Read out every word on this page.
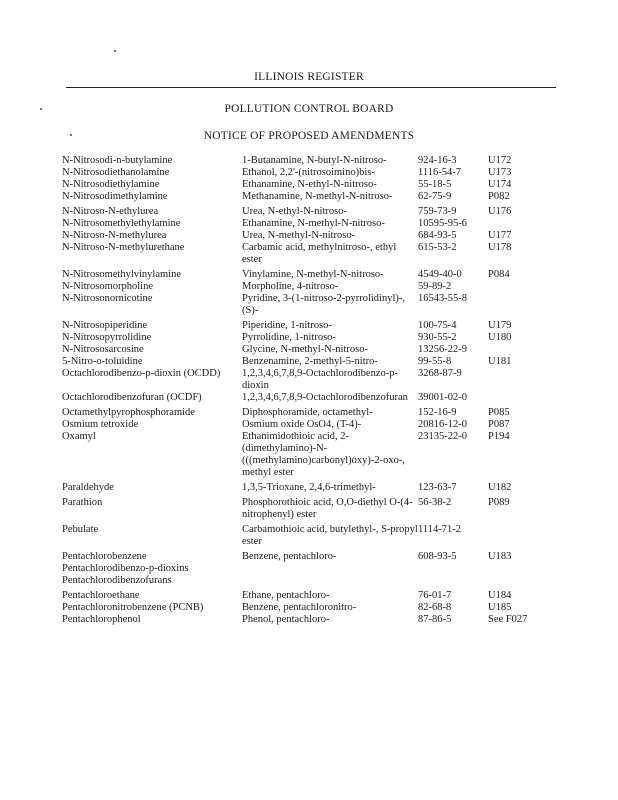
ILLINOIS REGISTER
POLLUTION CONTROL BOARD
NOTICE OF PROPOSED AMENDMENTS
N-Nitrosodi-n-butylamine	1-Butanamine, N-butyl-N-nitroso-	924-16-3	U172
N-Nitrosodiethanolamine	Ethanol, 2,2'-(nitrosoimino)bis-	1116-54-7	U173
N-Nitrosodiethylamine	Ethanamine, N-ethyl-N-nitroso-	55-18-5	U174
N-Nitrosodimethylamine	Methanamine, N-methyl-N-nitroso-	62-75-9	P082
N-Nitroso-N-ethylurea	Urea, N-ethyl-N-nitroso-	759-73-9	U176
N-Nitrosomethylethylamine	Ethanamine, N-methyl-N-nitroso-	10595-95-6	
N-Nitroso-N-methylurea	Urea, N-methyl-N-nitroso-	684-93-5	U177
N-Nitroso-N-methylurethane	Carbamic acid, methylnitroso-, ethyl ester	615-53-2	U178
N-Nitrosomethylvinylamine	Vinylamine, N-methyl-N-nitroso-	4549-40-0	P084
N-Nitrosomorpholine	Morpholine, 4-nitroso-	59-89-2	
N-Nitrosonornicotine	Pyridine, 3-(1-nitroso-2-pyrrolidinyl)-, (S)-	16543-55-8	
N-Nitrosopiperidine	Piperidine, 1-nitroso-	100-75-4	U179
N-Nitrosopyrrolidine	Pyrrolidine, 1-nitroso-	930-55-2	U180
N-Nitrososarcosine	Glycine, N-methyl-N-nitroso-	13256-22-9	
5-Nitro-o-toluidine	Benzenamine, 2-methyl-5-nitro-	99-55-8	U181
Octachlorodibenzo-p-dioxin (OCDD)	1,2,3,4,6,7,8,9-Octachlorodibenzo-p-dioxin	3268-87-9	
Octachlorodibenzofuran (OCDF)	1,2,3,4,6,7,8,9-Octachlorodibenzofuran	39001-02-0	
Octamethylpyrophosphoramide	Diphosphoramide, octamethyl-	152-16-9	P085
Osmium tetroxide	Osmium oxide OsO4, (T-4)-	20816-12-0	P087
Oxamyl	Ethanimidothioic acid, 2-(dimethylamino)-N-(((methylamino)carbonyl)oxy)-2-oxo-, methyl ester	23135-22-0	P194
Paraldehyde	1,3,5-Trioxane, 2,4,6-trimethyl-	123-63-7	U182
Parathion	Phosphorothioic acid, O,O-diethyl O-(4-nitrophenyl) ester	56-38-2	P089
Pebulate	Carbamothioic acid, butylethyl-, S-propyl ester	1114-71-2	
Pentachlorobenzene	Benzene, pentachloro-	608-93-5	U183
Pentachlorodibenzo-p-dioxins			
Pentachlorodibenzofurans			
Pentachloroethane	Ethane, pentachloro-	76-01-7	U184
Pentachloronitrobenzene (PCNB)	Benzene, pentachloronitro-	82-68-8	U185
Pentachlorophenol	Phenol, pentachloro-	87-86-5	See F027
